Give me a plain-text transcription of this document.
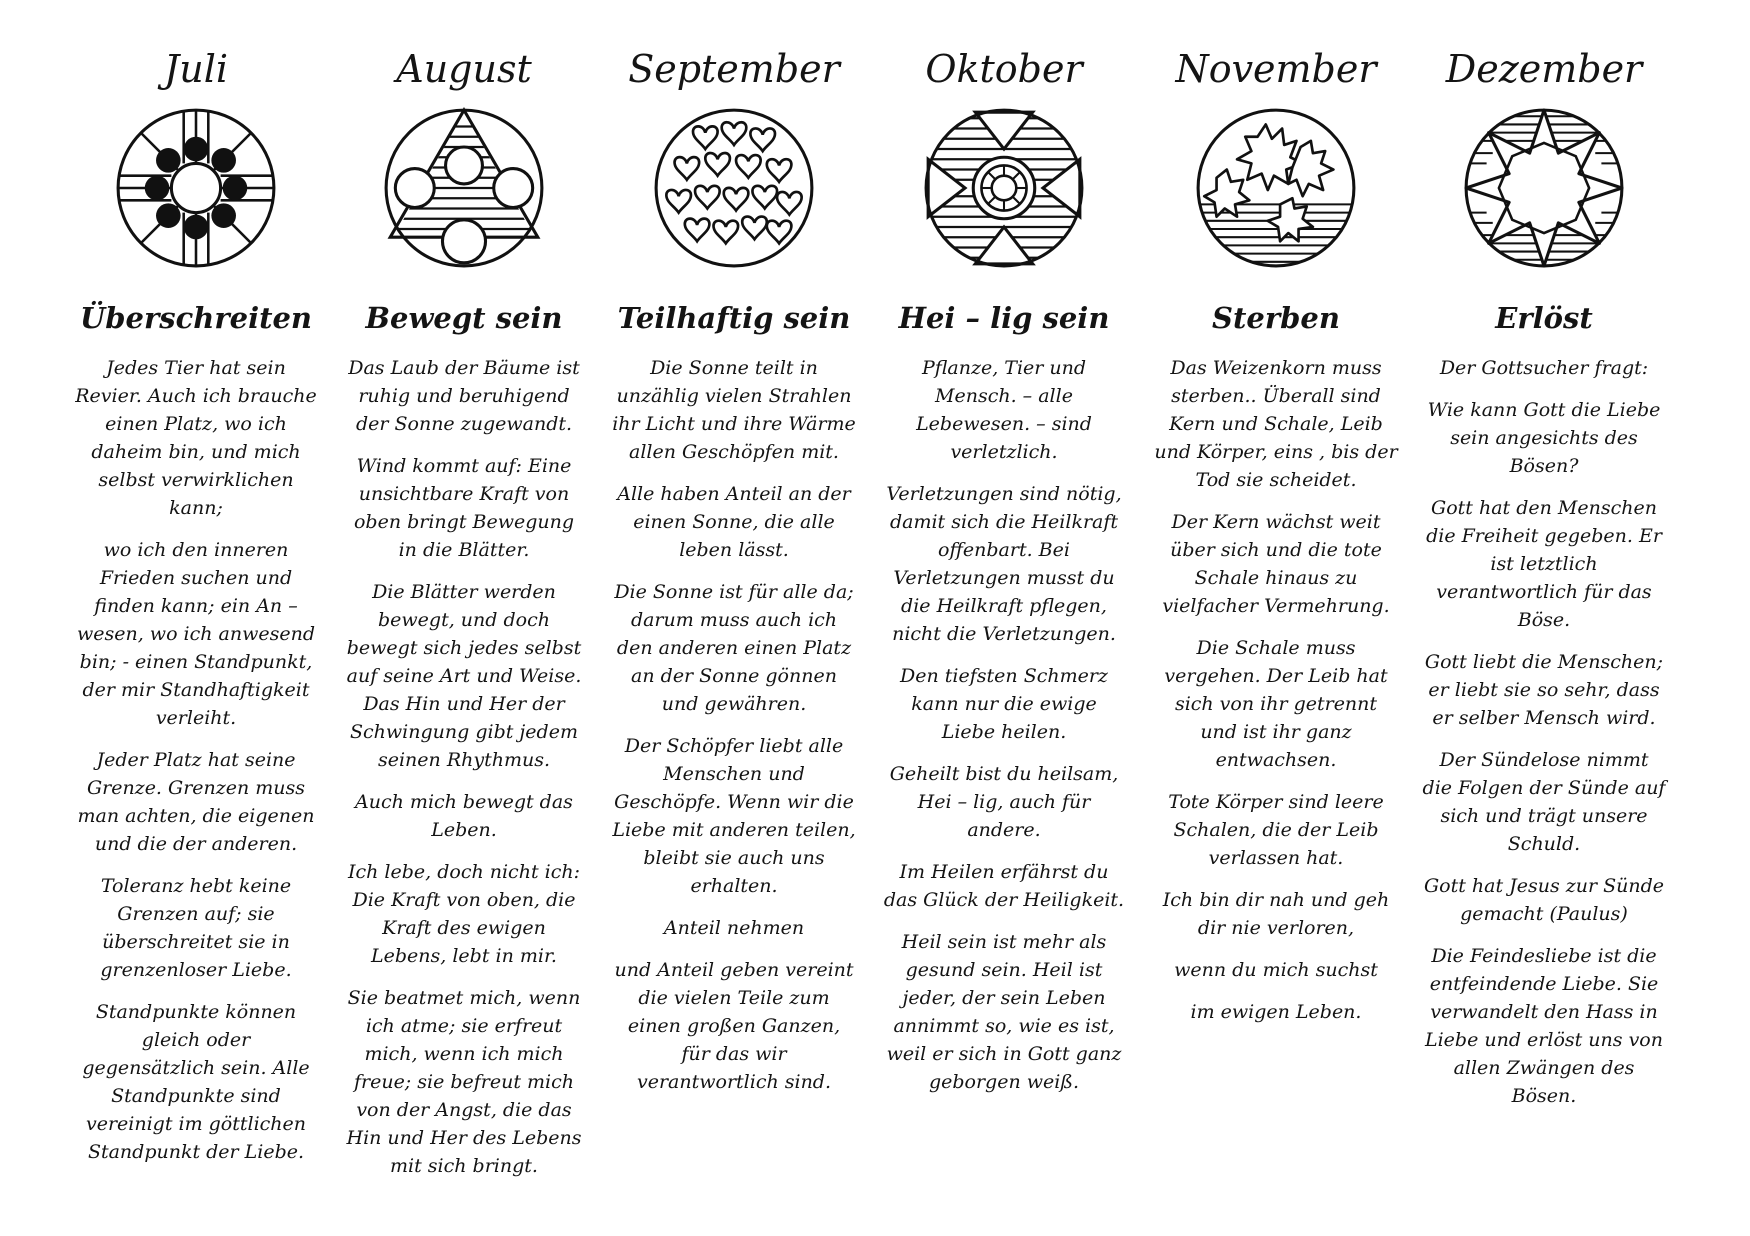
Juli
Überschreiten

Jedes Tier hat sein Revier. Auch ich brauche einen Platz, wo ich daheim bin, und mich selbst verwirklichen kann;

wo ich den inneren Frieden suchen und finden kann; ein An – wesen, wo ich anwesend bin; - einen Standpunkt, der mir Standhaftigkeit verleiht.

Jeder Platz hat seine Grenze. Grenzen muss man achten, die eigenen und die der anderen.

Toleranz hebt keine Grenzen auf; sie überschreitet sie in grenzenloser Liebe.

Standpunkte können gleich oder gegensätzlich sein. Alle Standpunkte sind vereinigt im göttlichen Standpunkt der Liebe.

August
Bewegt sein

Das Laub der Bäume ist ruhig und beruhigend der Sonne zugewandt.

Wind kommt auf: Eine unsichtbare Kraft von oben bringt Bewegung in die Blätter.

Die Blätter werden bewegt, und doch bewegt sich jedes selbst auf seine Art und Weise. Das Hin und Her der Schwingung gibt jedem seinen Rhythmus.

Auch mich bewegt das Leben.

Ich lebe, doch nicht ich: Die Kraft von oben, die Kraft des ewigen Lebens, lebt in mir.

Sie beatmet mich, wenn ich atme; sie erfreut mich, wenn ich mich freue; sie befreut mich von der Angst, die das Hin und Her des Lebens mit sich bringt.

September
Teilhaftig sein

Die Sonne teilt in unzählig vielen Strahlen ihr Licht und ihre Wärme allen Geschöpfen mit.

Alle haben Anteil an der einen Sonne, die alle leben lässt.

Die Sonne ist für alle da; darum muss auch ich den anderen einen Platz an der Sonne gönnen und gewähren.

Der Schöpfer liebt alle Menschen und Geschöpfe. Wenn wir die Liebe mit anderen teilen, bleibt sie auch uns erhalten.

Anteil nehmen

und Anteil geben vereint die vielen Teile zum einen großen Ganzen, für das wir verantwortlich sind.

Oktober
Hei – lig sein

Pflanze, Tier und Mensch. – alle Lebewesen. – sind verletzlich.

Verletzungen sind nötig, damit sich die Heilkraft offenbart. Bei Verletzungen musst du die Heilkraft pflegen, nicht die Verletzungen.

Den tiefsten Schmerz kann nur die ewige Liebe heilen.

Geheilt bist du heilsam, Hei – lig, auch für andere.

Im Heilen erfährst du das Glück der Heiligkeit.

Heil sein ist mehr als gesund sein. Heil ist jeder, der sein Leben annimmt so, wie es ist, weil er sich in Gott ganz geborgen weiß.

November
Sterben

Das Weizenkorn muss sterben.. Überall sind Kern und Schale, Leib und Körper, eins , bis der Tod sie scheidet.

Der Kern wächst weit über sich und die tote Schale hinaus zu vielfacher Vermehrung.

Die Schale muss vergehen. Der Leib hat sich von ihr getrennt und ist ihr ganz entwachsen.

Tote Körper sind leere Schalen, die der Leib verlassen hat.

Ich bin dir nah und geh dir nie verloren,

wenn du mich suchst

im ewigen Leben.

Dezember
Erlöst

Der Gottsucher fragt:

Wie kann Gott die Liebe sein angesichts des Bösen?

Gott hat den Menschen die Freiheit gegeben. Er ist letztlich verantwortlich für das Böse.

Gott liebt die Menschen; er liebt sie so sehr, dass er selber Mensch wird.

Der Sündelose nimmt die Folgen der Sünde auf sich und trägt unsere Schuld.

Gott hat Jesus zur Sünde gemacht (Paulus)

Die Feindesliebe ist die entfeindende Liebe. Sie verwandelt den Hass in Liebe und erlöst uns von allen Zwängen des Bösen.
